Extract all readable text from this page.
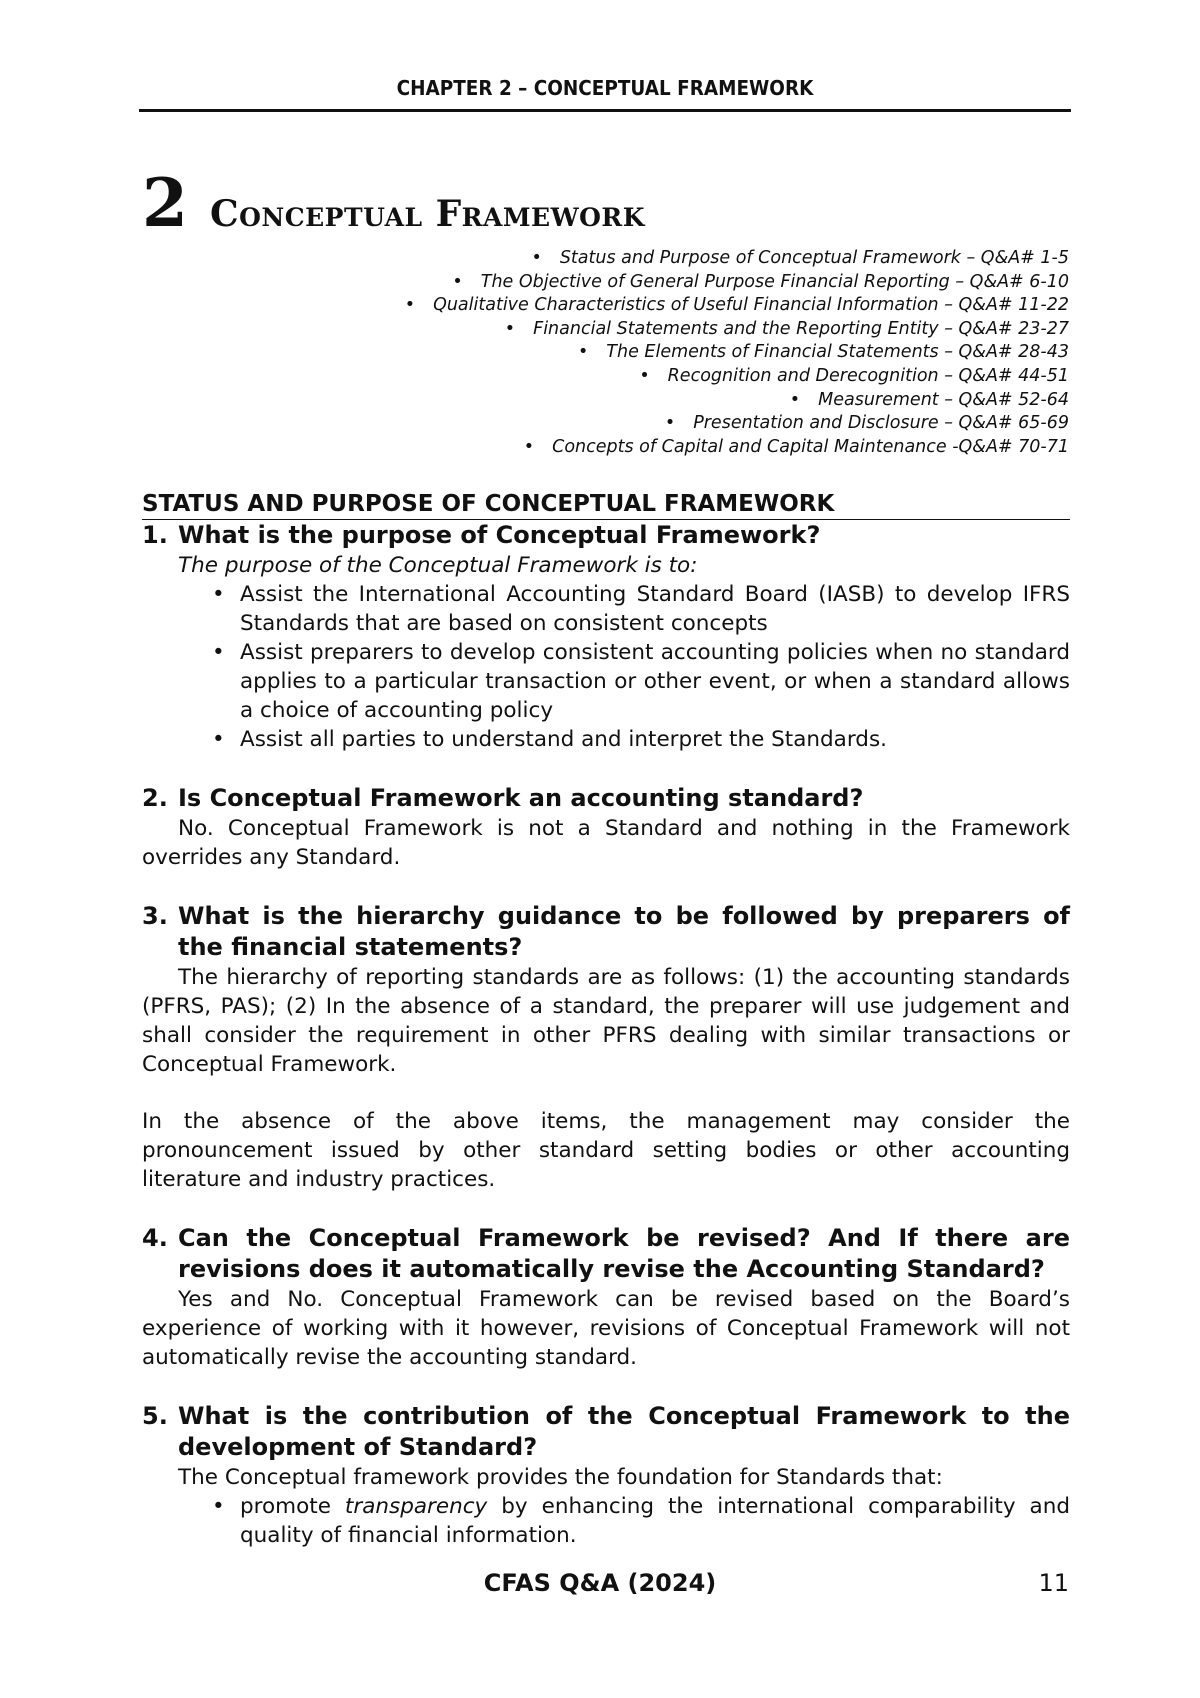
CHAPTER 2 – CONCEPTUAL FRAMEWORK
2 Conceptual Framework
• Status and Purpose of Conceptual Framework – Q&A# 1-5
• The Objective of General Purpose Financial Reporting – Q&A# 6-10
• Qualitative Characteristics of Useful Financial Information – Q&A# 11-22
• Financial Statements and the Reporting Entity – Q&A# 23-27
• The Elements of Financial Statements – Q&A# 28-43
• Recognition and Derecognition – Q&A# 44-51
• Measurement – Q&A# 52-64
• Presentation and Disclosure – Q&A# 65-69
• Concepts of Capital and Capital Maintenance -Q&A# 70-71
STATUS AND PURPOSE OF CONCEPTUAL FRAMEWORK
1. What is the purpose of Conceptual Framework?
The purpose of the Conceptual Framework is to:
• Assist the International Accounting Standard Board (IASB) to develop IFRS Standards that are based on consistent concepts
• Assist preparers to develop consistent accounting policies when no standard applies to a particular transaction or other event, or when a standard allows a choice of accounting policy
• Assist all parties to understand and interpret the Standards.
2. Is Conceptual Framework an accounting standard?
No. Conceptual Framework is not a Standard and nothing in the Framework overrides any Standard.
3. What is the hierarchy guidance to be followed by preparers of the financial statements?
The hierarchy of reporting standards are as follows: (1) the accounting standards (PFRS, PAS); (2) In the absence of a standard, the preparer will use judgement and shall consider the requirement in other PFRS dealing with similar transactions or Conceptual Framework.
In the absence of the above items, the management may consider the pronouncement issued by other standard setting bodies or other accounting literature and industry practices.
4. Can the Conceptual Framework be revised? And If there are revisions does it automatically revise the Accounting Standard?
Yes and No. Conceptual Framework can be revised based on the Board’s experience of working with it however, revisions of Conceptual Framework will not automatically revise the accounting standard.
5. What is the contribution of the Conceptual Framework to the development of Standard?
The Conceptual framework provides the foundation for Standards that:
• promote transparency by enhancing the international comparability and quality of financial information.
CFAS Q&A (2024)	11
